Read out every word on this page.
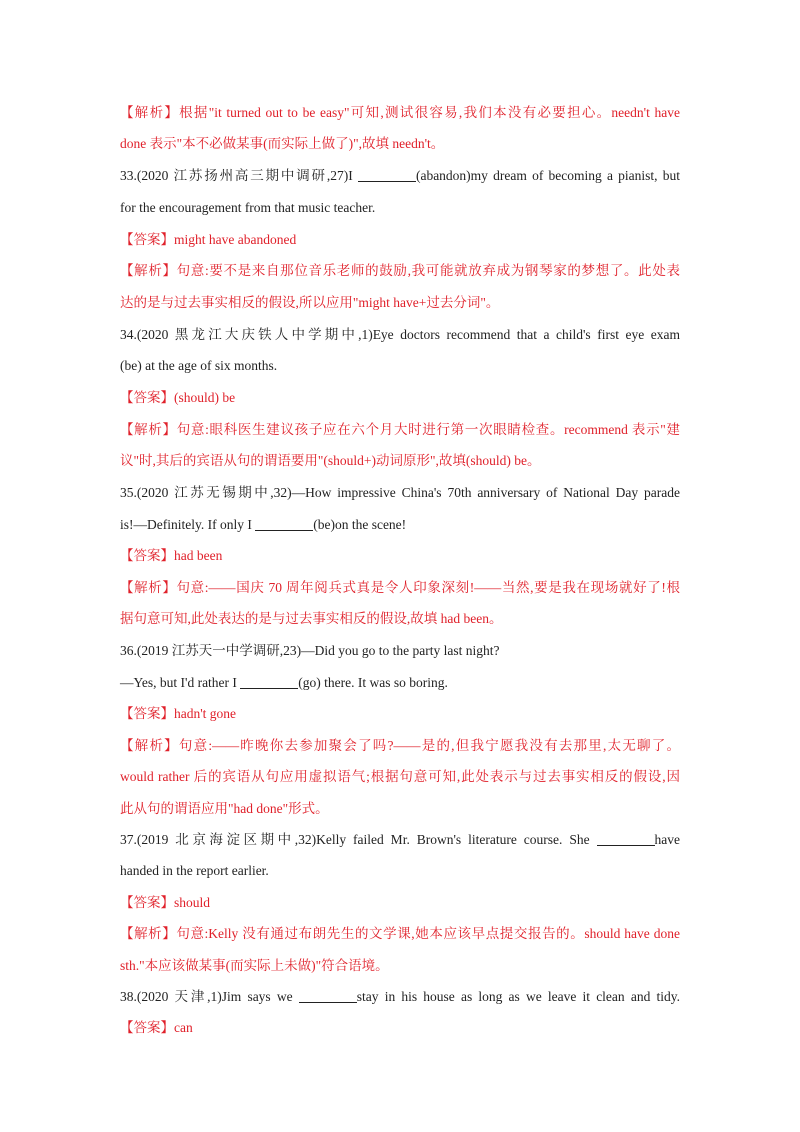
【解析】根据"it turned out to be easy"可知,测试很容易,我们本没有必要担心。needn't have
done 表示"本不必做某事(而实际上做了)",故填 needn't。
33.(2020 江苏扬州高三期中调研,27)I	(abandon)my dream of becoming a pianist, but
for the encouragement from that music teacher.
【答案】might have abandoned
【解析】句意:要不是来自那位音乐老师的鼓励,我可能就放弃成为钢琴家的梦想了。此处表
达的是与过去事实相反的假设,所以应用"might have+过去分词"。
34.(2020 黑龙江大庆铁人中学期中,1)Eye doctors recommend that a child's first eye exam
(be) at the age of six months.
【答案】(should) be
【解析】句意:眼科医生建议孩子应在六个月大时进行第一次眼睛检查。recommend 表示"建
议"时,其后的宾语从句的谓语要用"(should+)动词原形",故填(should) be。
35.(2020 江苏无锡期中,32)—How impressive China's 70th anniversary of National Day parade
is!—Definitely. If only I	(be)on the scene!
【答案】had been
【解析】句意:——国庆 70 周年阅兵式真是令人印象深刻!——当然,要是我在现场就好了!根
据句意可知,此处表达的是与过去事实相反的假设,故填 had been。
36.(2019 江苏天一中学调研,23)—Did you go to the party last night?
—Yes, but I'd rather I	(go) there. It was so boring.
【答案】hadn't gone
【解析】句意:——昨晚你去参加聚会了吗?——是的,但我宁愿我没有去那里,太无聊了。
would rather 后的宾语从句应用虚拟语气;根据句意可知,此处表示与过去事实相反的假设,因
此从句的谓语应用"had done"形式。
37.(2019 北京海淀区期中,32)Kelly failed Mr. Brown's literature course. She	have
handed in the report earlier.
【答案】should
【解析】句意:Kelly 没有通过布朗先生的文学课,她本应该早点提交报告的。should have done
sth."本应该做某事(而实际上未做)"符合语境。
38.(2020 天津,1)Jim says we	stay in his house as long as we leave it clean and tidy.
【答案】can
